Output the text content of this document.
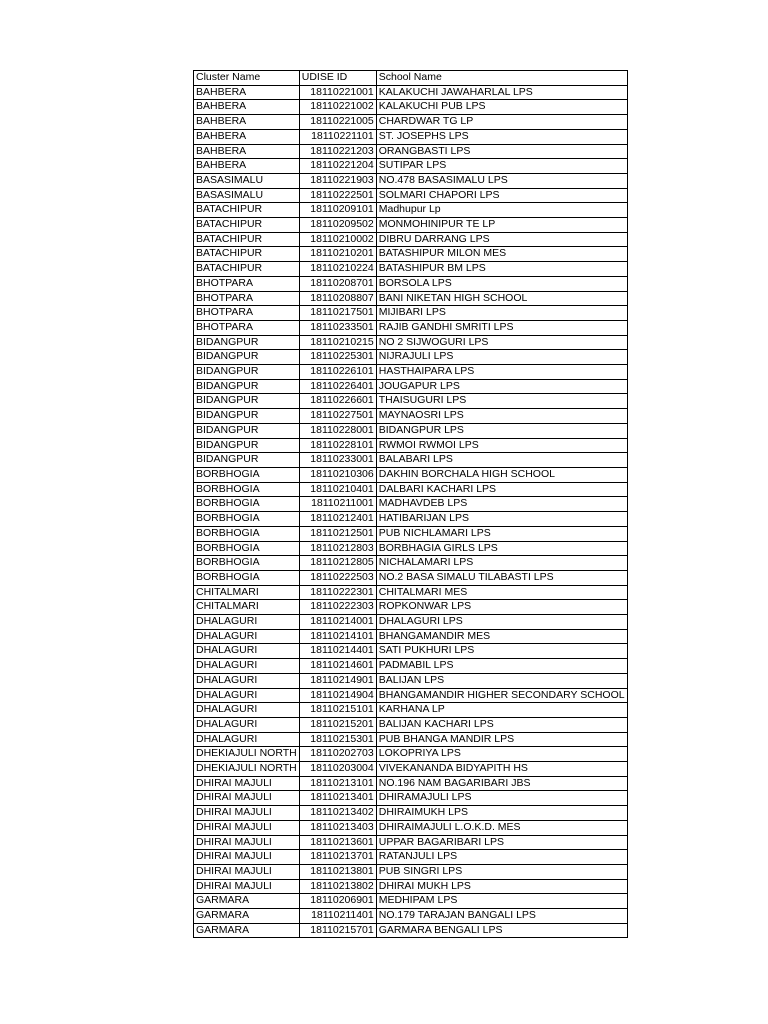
Cluster Name	UDISE ID	School Name
BAHBERA	18110221001	KALAKUCHI JAWAHARLAL LPS
BAHBERA	18110221002	KALAKUCHI PUB LPS
BAHBERA	18110221005	CHARDWAR TG LP
BAHBERA	18110221101	ST. JOSEPHS LPS
BAHBERA	18110221203	ORANGBASTI LPS
BAHBERA	18110221204	SUTIPAR LPS
BASASIMALU	18110221903	NO.478 BASASIMALU LPS
BASASIMALU	18110222501	SOLMARI CHAPORI LPS
BATACHIPUR	18110209101	Madhupur Lp
BATACHIPUR	18110209502	MONMOHINIPUR TE LP
BATACHIPUR	18110210002	DIBRU DARRANG LPS
BATACHIPUR	18110210201	BATASHIPUR MILON MES
BATACHIPUR	18110210224	BATASHIPUR BM LPS
BHOTPARA	18110208701	BORSOLA LPS
BHOTPARA	18110208807	BANI NIKETAN HIGH SCHOOL
BHOTPARA	18110217501	MIJIBARI LPS
BHOTPARA	18110233501	RAJIB GANDHI SMRITI LPS
BIDANGPUR	18110210215	NO 2 SIJWOGURI LPS
BIDANGPUR	18110225301	NIJRAJULI LPS
BIDANGPUR	18110226101	HASTHAIPARA LPS
BIDANGPUR	18110226401	JOUGAPUR LPS
BIDANGPUR	18110226601	THAISUGURI LPS
BIDANGPUR	18110227501	MAYNAOSRI LPS
BIDANGPUR	18110228001	BIDANGPUR LPS
BIDANGPUR	18110228101	RWMOI RWMOI LPS
BIDANGPUR	18110233001	BALABARI LPS
BORBHOGIA	18110210306	DAKHIN BORCHALA HIGH SCHOOL
BORBHOGIA	18110210401	DALBARI KACHARI LPS
BORBHOGIA	18110211001	MADHAVDEB LPS
BORBHOGIA	18110212401	HATIBARIJAN LPS
BORBHOGIA	18110212501	PUB NICHLAMARI LPS
BORBHOGIA	18110212803	BORBHAGIA GIRLS LPS
BORBHOGIA	18110212805	NICHALAMARI LPS
BORBHOGIA	18110222503	NO.2 BASA SIMALU TILABASTI LPS
CHITALMARI	18110222301	CHITALMARI MES
CHITALMARI	18110222303	ROPKONWAR LPS
DHALAGURI	18110214001	DHALAGURI LPS
DHALAGURI	18110214101	BHANGAMANDIR MES
DHALAGURI	18110214401	SATI PUKHURI LPS
DHALAGURI	18110214601	PADMABIL LPS
DHALAGURI	18110214901	BALIJAN LPS
DHALAGURI	18110214904	BHANGAMANDIR HIGHER SECONDARY SCHOOL
DHALAGURI	18110215101	KARHANA LP
DHALAGURI	18110215201	BALIJAN KACHARI LPS
DHALAGURI	18110215301	PUB BHANGA MANDIR LPS
DHEKIAJULI NORTH	18110202703	LOKOPRIYA LPS
DHEKIAJULI NORTH	18110203004	VIVEKANANDA BIDYAPITH HS
DHIRAI MAJULI	18110213101	NO.196 NAM BAGARIBARI JBS
DHIRAI MAJULI	18110213401	DHIRAMAJULI LPS
DHIRAI MAJULI	18110213402	DHIRAIMUKH LPS
DHIRAI MAJULI	18110213403	DHIRAIMAJULI L.O.K.D. MES
DHIRAI MAJULI	18110213601	UPPAR BAGARIBARI LPS
DHIRAI MAJULI	18110213701	RATANJULI LPS
DHIRAI MAJULI	18110213801	PUB SINGRI LPS
DHIRAI MAJULI	18110213802	DHIRAI MUKH LPS
GARMARA	18110206901	MEDHIPAM LPS
GARMARA	18110211401	NO.179 TARAJAN BANGALI LPS
GARMARA	18110215701	GARMARA BENGALI LPS
